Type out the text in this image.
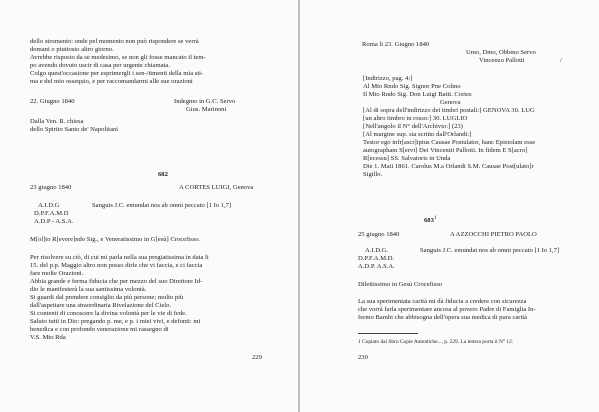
dello stromento: onde pel momento non può rispondere se verrà
domani o piuttosto altro giorno.
Avrebbe risposto da se medesimo, se non gli fosse mancato il tem-
po avendo dovuto uscir di casa per urgente chiamata.
Colgo quest'occasione per esprimergli i sen-/timenti della mia sti-
ma e del mio ossequio, e per raccomandarmi alle sue orazioni
22. Giugno 1840	Indegmo in G.C. Servo
Gius. Marinoni
Dalla Ven. R. chiesa
dello Spirito Santo de' Napolitani
682
23 giugno 1840	A CORTES LUIGI, Genova
A.I.D.G	Sanguis J.C. emundat nos ab omni peccato [1 Io 1,7]
D.P.F.A.M.D
A.D.P - A.S.A.
M[ol]to R[evere]ndo Sig., e Veneratissimo in G[esù] Crocefisso.
Per risolvere su ciò, di cui mi parla nella sua pregiatissima in data li
15. del p.p. Maggio altro non posso dirle che vi faccia, e ci faccia
fare molte Orazioni.
Abbia grande e ferma fiducia che per mezzo del suo Direttore Id-
dio le manifesterà la sua santissima volontà.
Si guardi dal prendere consiglio da più persone; molto più
dall'aspettare una straordinaria Rivelazione del Cielo.
Si contenti di conoscere la divina volontà per le vie di fede.
Saluto tutti in Dio: pregando p. me, e p. i miei vivi, e defonti: mi
benedica e con profondo venerazione mi rassegno di
V.S. Mto Rda
229
Roma li 23. Giugno 1840
Umo, Dmo, Obbmo Servo
Vincenzo Pallotti	/
[Indirizzo, pag. 4:]
Al Mto Rndo Sig. Signor Pne Colmo
Il Mto Rndo Sig. Don Luigi Batti. Cortes
Genova
[Al di sopra dell'indirizzo dei timbri postali:] GENOVA 30. LUG
[un altro timbro in rosso:] 30. LUGLIO
[Nell'angolo il N° dell'Archivio:] (23)
[Al margine sup. sta scritto dall'Orlandi:]
Testor ego infr[ascr]iptus Causae Postulator, hanc Epistolam esse
autographam S[ervi] Dei Vincentii Pallotti. In fidem E S[acro]
R[ecessu] SS. Salvatoris in Unda
Die 1. Maii 1861. Carolus M.a Orlandi S.M. Causae Post[ulato]r
Sigillo.
$683^1$
25 giugno 1840	A AZZOCCHI PIETRO PAOLO
A.I.D.G.	Sanguis J.C. emundat nos ab omni peccato [1 Io 1,7]
D.P.F.A.M.D.
A.D.P. A.S.A.
Dilettissimo in Gesù Crocefisso
La sua sperimentata carità mi dà fiducia a credere con sicurezza
che vorrà farla sperimentare ancora al povero Padre di Famiglia In-
fermo Bambi che abbisogna dell'opera sua medica di pura carità
1 Copiato dal libro Copie Autentiche..., p. 229. La lettera porta il N° 12.
230
